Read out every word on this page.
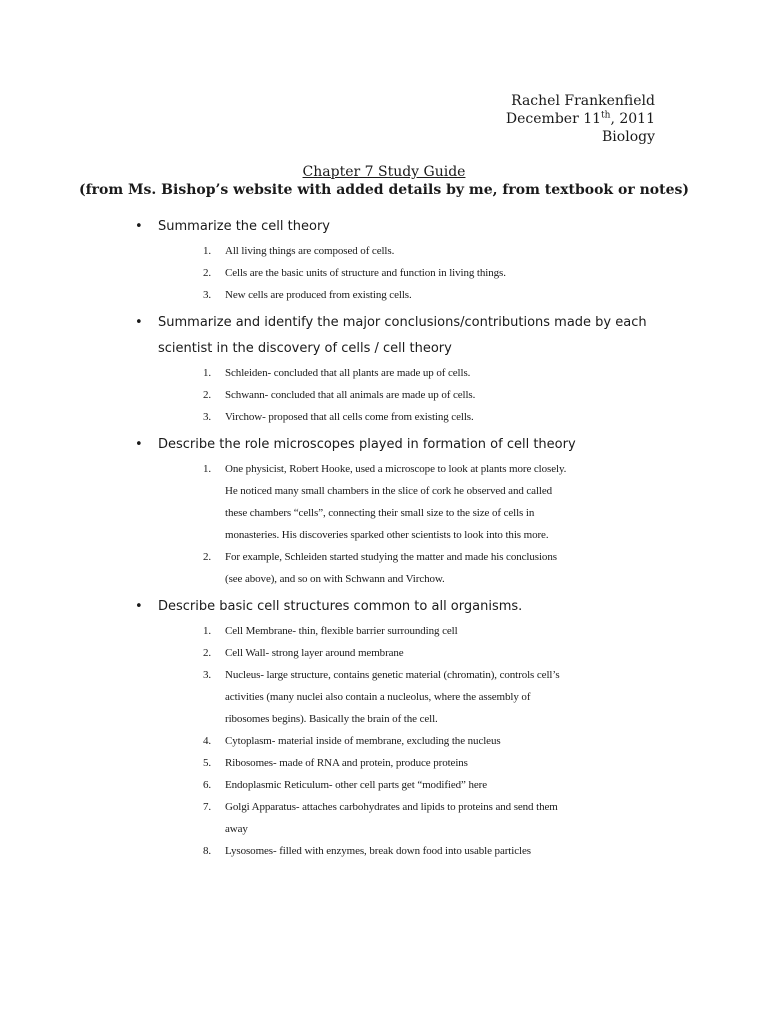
Rachel Frankenfield
December 11th, 2011
Biology
Chapter 7 Study Guide
(from Ms. Bishop’s website with added details by me, from textbook or notes)
• Summarize the cell theory
1. All living things are composed of cells.
2. Cells are the basic units of structure and function in living things.
3. New cells are produced from existing cells.
• Summarize and identify the major conclusions/contributions made by each
scientist in the discovery of cells / cell theory
1. Schleiden- concluded that all plants are made up of cells.
2. Schwann- concluded that all animals are made up of cells.
3. Virchow- proposed that all cells come from existing cells.
• Describe the role microscopes played in formation of cell theory
1. One physicist, Robert Hooke, used a microscope to look at plants more closely.
He noticed many small chambers in the slice of cork he observed and called
these chambers “cells”, connecting their small size to the size of cells in
monasteries. His discoveries sparked other scientists to look into this more.
2. For example, Schleiden started studying the matter and made his conclusions
(see above), and so on with Schwann and Virchow.
• Describe basic cell structures common to all organisms.
1. Cell Membrane- thin, flexible barrier surrounding cell
2. Cell Wall- strong layer around membrane
3. Nucleus- large structure, contains genetic material (chromatin), controls cell’s
activities (many nuclei also contain a nucleolus, where the assembly of
ribosomes begins). Basically the brain of the cell.
4. Cytoplasm- material inside of membrane, excluding the nucleus
5. Ribosomes- made of RNA and protein, produce proteins
6. Endoplasmic Reticulum- other cell parts get “modified” here
7. Golgi Apparatus- attaches carbohydrates and lipids to proteins and send them
away
8. Lysosomes- filled with enzymes, break down food into usable particles
